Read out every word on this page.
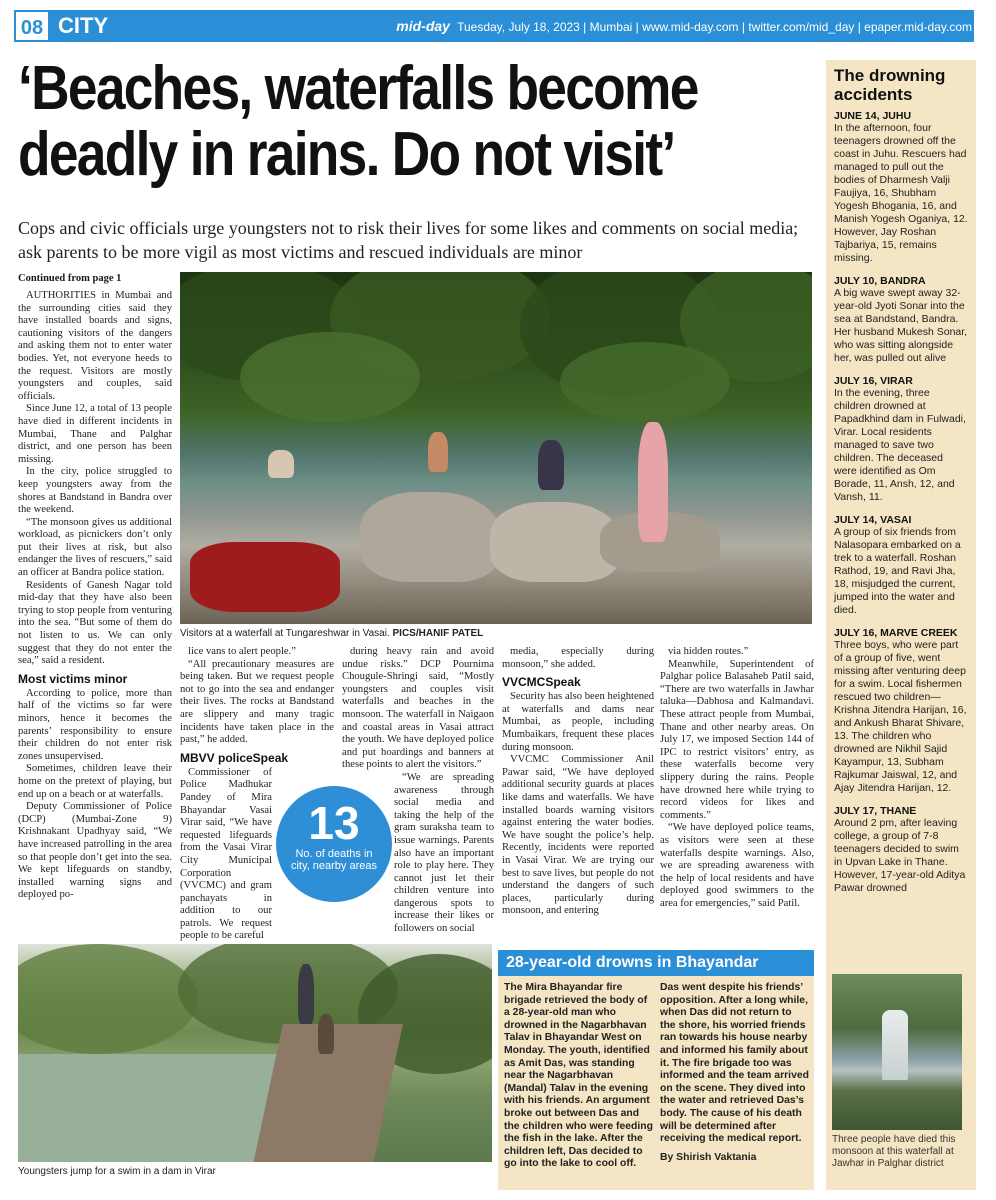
08 CITY	mid-day Tuesday, July 18, 2023 | Mumbai | www.mid-day.com | twitter.com/mid_day | epaper.mid-day.com
‘Beaches, waterfalls become deadly in rains. Do not visit’
Cops and civic officials urge youngsters not to risk their lives for some likes and comments on social media; ask parents to be more vigil as most victims and rescued individuals are minor
Continued from page 1

AUTHORITIES in Mumbai and the surrounding cities said they have installed boards and signs, cautioning visitors of the dangers and asking them not to enter water bodies. Yet, not everyone heeds to the request. Visitors are mostly youngsters and couples, said officials.

Since June 12, a total of 13 people have died in different incidents in Mumbai, Thane and Palghar district, and one person has been missing.

In the city, police struggled to keep youngsters away from the shores at Bandstand in Bandra over the weekend.

“The monsoon gives us additional workload, as picnickers don’t only put their lives at risk, but also endanger the lives of rescuers,” said an officer at Bandra police station.

Residents of Ganesh Nagar told mid-day that they have also been trying to stop people from venturing into the sea. “But some of them do not listen to us. We can only suggest that they do not enter the sea,” said a resident.

Most victims minor

According to police, more than half of the victims so far were minors, hence it becomes the parents’ responsibility to ensure their children do not enter risk zones unsupervised.

Sometimes, children leave their home on the pretext of playing, but end up on a beach or at waterfalls.

Deputy Commissioner of Police (DCP) (Mumbai-Zone 9) Krishnakant Upadhyay said, “We have increased patrolling in the area so that people don’t get into the sea. We kept lifeguards on standby, installed warning signs and deployed po-

Visitors at a waterfall at Tungareshwar in Vasai. PICS/HANIF PATEL

lice vans to alert people.”

“All precautionary measures are being taken. But we request people not to go into the sea and endanger their lives. The rocks at Bandstand are slippery and many tragic incidents have taken place in the past,” he added.

MBVV policeSpeak

Commissioner of Police Madhukar Pandey of Mira Bhayandar Vasai Virar said, “We have requested lifeguards from the Vasai Virar City Municipal Corporation (VVCMC) and gram panchayats in addition to our patrols. We request people to be careful

during heavy rain and avoid undue risks.” DCP Pournima Chougule-Shringi said, “Mostly youngsters and couples visit waterfalls and beaches in the monsoon. The waterfall in Naigaon and coastal areas in Vasai attract the youth. We have deployed police and put hoardings and banners at these points to alert the visitors.”

“We are spreading awareness through social media and taking the help of the gram suraksha team to issue warnings. Parents also have an important role to play here. They cannot just let their children venture into dangerous spots to increase their likes or followers on social

media, especially during monsoon,” she added.

VVCMCSpeak

Security has also been heightened at waterfalls and dams near Mumbai, as people, including Mumbaikars, frequent these places during monsoon.

VVCMC Commissioner Anil Pawar said, “We have deployed additional security guards at places like dams and waterfalls. We have installed boards warning visitors against entering the water bodies. We have sought the police’s help. Recently, incidents were reported in Vasai Virar. We are trying our best to save lives, but people do not understand the dangers of such places, particularly during monsoon, and entering

via hidden routes.”

Meanwhile, Superintendent of Palghar police Balasaheb Patil said, “There are two waterfalls in Jawhar taluka—Dabhosa and Kalmandavi. These attract people from Mumbai, Thane and other nearby areas. On July 17, we imposed Section 144 of IPC to restrict visitors’ entry, as these waterfalls become very slippery during the rains. People have drowned here while trying to record videos for likes and comments.”

“We have deployed police teams, as visitors were seen at these waterfalls despite warnings. Also, we are spreading awareness with the help of local residents and have deployed good swimmers to the area for emergencies,” said Patil.

13
No. of deaths in city, nearby areas
Youngsters jump for a swim in a dam in Virar
28-year-old drowns in Bhayandar
The Mira Bhayandar fire brigade retrieved the body of a 28-year-old man who drowned in the Nagarbhavan Talav in Bhayandar West on Monday. The youth, identified as Amit Das, was standing near the Nagarbhavan (Mandal) Talav in the evening with his friends. An argument broke out between Das and the children who were feeding the fish in the lake. After the children left, Das decided to go into the lake to cool off.
Das went despite his friends’ opposition. After a long while, when Das did not return to the shore, his worried friends ran towards his house nearby and informed his family about it. The fire brigade too was informed and the team arrived on the scene. They dived into the water and retrieved Das’s body. The cause of his death will be determined after receiving the medical report.
By Shirish Vaktania
The drowning accidents
JUNE 14, JUHU
In the afternoon, four teenagers drowned off the coast in Juhu. Rescuers had managed to pull out the bodies of Dharmesh Valji Faujiya, 16, Shubham Yogesh Bhogania, 16, and Manish Yogesh Oganiya, 12. However, Jay Roshan Tajbariya, 15, remains missing.
JULY 10, BANDRA
A big wave swept away 32-year-old Jyoti Sonar into the sea at Bandstand, Bandra. Her husband Mukesh Sonar, who was sitting alongside her, was pulled out alive
JULY 16, VIRAR
In the evening, three children drowned at Papadkhind dam in Fulwadi, Virar. Local residents managed to save two children. The deceased were identified as Om Borade, 11, Ansh, 12, and Vansh, 11.
JULY 14, VASAI
A group of six friends from Nalasopara embarked on a trek to a waterfall. Roshan Rathod, 19, and Ravi Jha, 18, misjudged the current, jumped into the water and died.
JULY 16, MARVE CREEK
Three boys, who were part of a group of five, went missing after venturing deep for a swim. Local fishermen rescued two children—Krishna Jitendra Harijan, 16, and Ankush Bharat Shivare, 13. The children who drowned are Nikhil Sajid Kayampur, 13, Subham Rajkumar Jaiswal, 12, and Ajay Jitendra Harijan, 12.
JULY 17, THANE
Around 2 pm, after leaving college, a group of 7-8 teenagers decided to swim in Upvan Lake in Thane. However, 17-year-old Aditya Pawar drowned
Three people have died this monsoon at this waterfall at Jawhar in Palghar district
